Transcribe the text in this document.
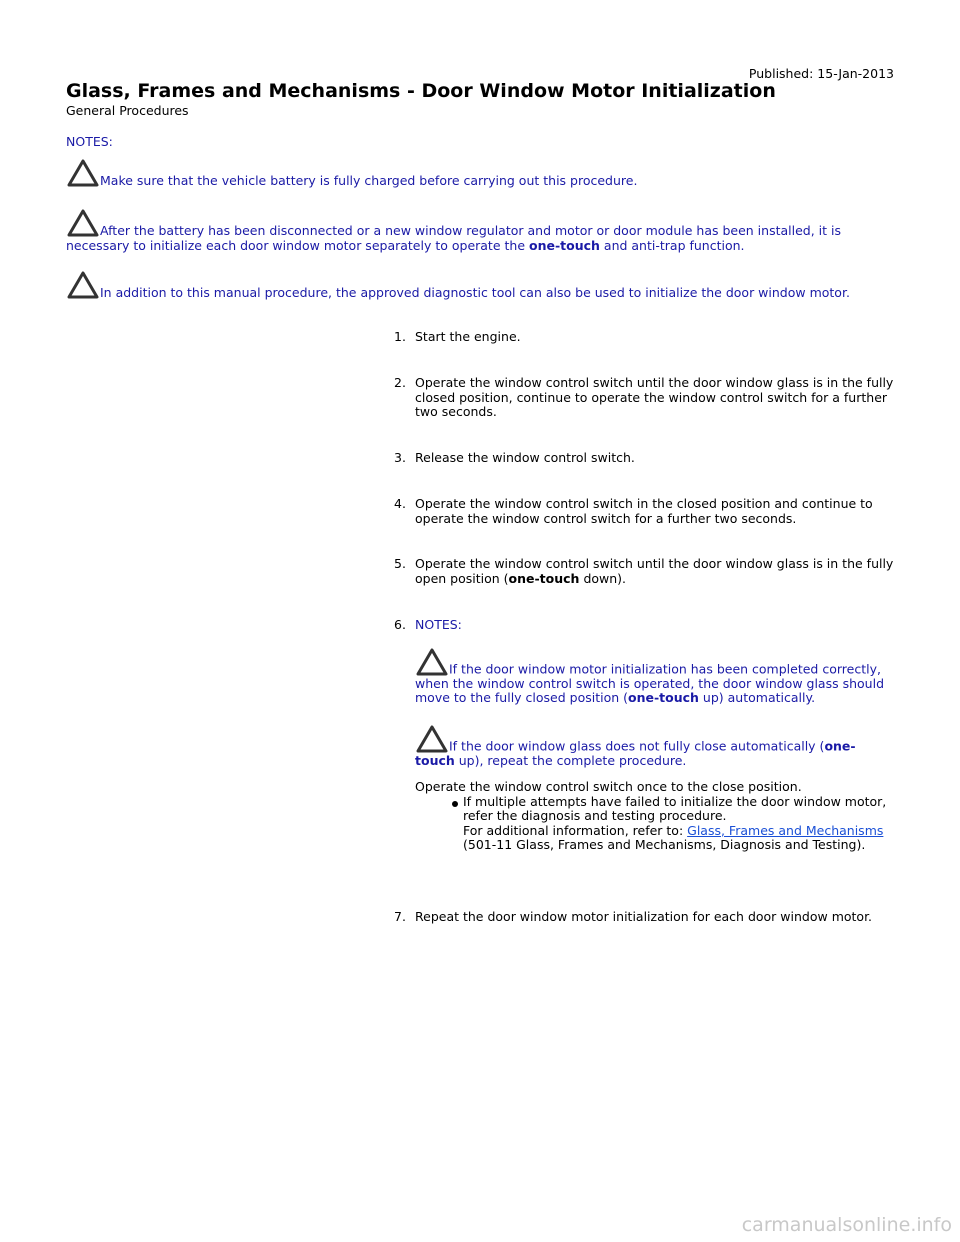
Published: 15-Jan-2013
Glass, Frames and Mechanisms - Door Window Motor Initialization
General Procedures
NOTES:
Make sure that the vehicle battery is fully charged before carrying out this procedure.
After the battery has been disconnected or a new window regulator and motor or door module has been installed, it is necessary to initialize each door window motor separately to operate the one-touch and anti-trap function.
In addition to this manual procedure, the approved diagnostic tool can also be used to initialize the door window motor.
1. Start the engine.
2. Operate the window control switch until the door window glass is in the fully closed position, continue to operate the window control switch for a further two seconds.
3. Release the window control switch.
4. Operate the window control switch in the closed position and continue to operate the window control switch for a further two seconds.
5. Operate the window control switch until the door window glass is in the fully open position (one-touch down).
6. NOTES:
If the door window motor initialization has been completed correctly, when the window control switch is operated, the door window glass should move to the fully closed position (one-touch up) automatically.
If the door window glass does not fully close automatically (one-touch up), repeat the complete procedure.
Operate the window control switch once to the close position.
If multiple attempts have failed to initialize the door window motor, refer the diagnosis and testing procedure.
For additional information, refer to: Glass, Frames and Mechanisms (501-11 Glass, Frames and Mechanisms, Diagnosis and Testing).
7. Repeat the door window motor initialization for each door window motor.
carmanualsonline.info
